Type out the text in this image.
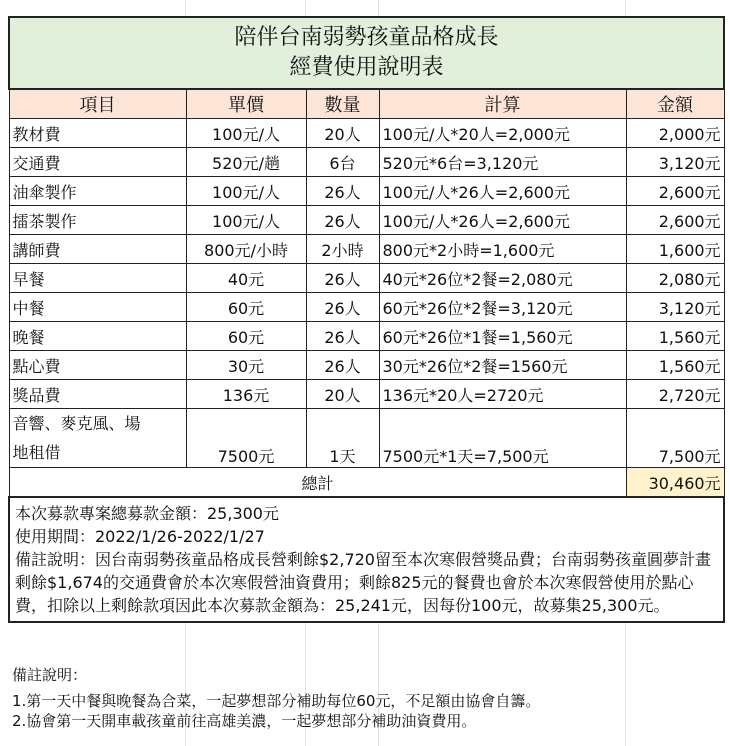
陪伴台南弱勢孩童品格成長
經費使用說明表				

項目	單價	數量	計算	金額
教材費	100元/人	20人	100元/人*20人=2,000元	2,000元
交通費	520元/趟	6台	520元*6台=3,120元	3,120元
油傘製作	100元/人	26人	100元/人*26人=2,600元	2,600元
擂茶製作	100元/人	26人	100元/人*26人=2,600元	2,600元
講師費	800元/小時	2小時	800元*2小時=1,600元	1,600元
早餐	40元	26人	40元*26位*2餐=2,080元	2,080元
中餐	60元	26人	60元*26位*2餐=3,120元	3,120元
晚餐	60元	26人	60元*26位*1餐=1,560元	1,560元
點心費	30元	26人	30元*26位*2餐=1560元	1,560元
獎品費	136元	20人	136元*20人=2720元	2,720元

音響、麥克風、場
地租借	7500元	1天	7500元*1天=7,500元	7,500元
總計				30,460元

本次募款專案總募款金額：25,300元
使用期間：2022/1/26-2022/1/27
備註說明：因台南弱勢孩童品格成長營剩餘$2,720留至本次寒假營獎品費；台南弱勢孩童圓夢計畫剩餘$1,674的交通費會於本次寒假營油資費用；剩餘825元的餐費也會於本次寒假營使用於點心費，扣除以上剩餘款項因此本次募款金額為：25,241元，因每份100元，故募集25,300元。				
備註說明：
1.第一天中餐與晚餐為合菜，一起夢想部分補助每位60元，不足額由協會自籌。
2.協會第一天開車載孩童前往高雄美濃，一起夢想部分補助油資費用。
